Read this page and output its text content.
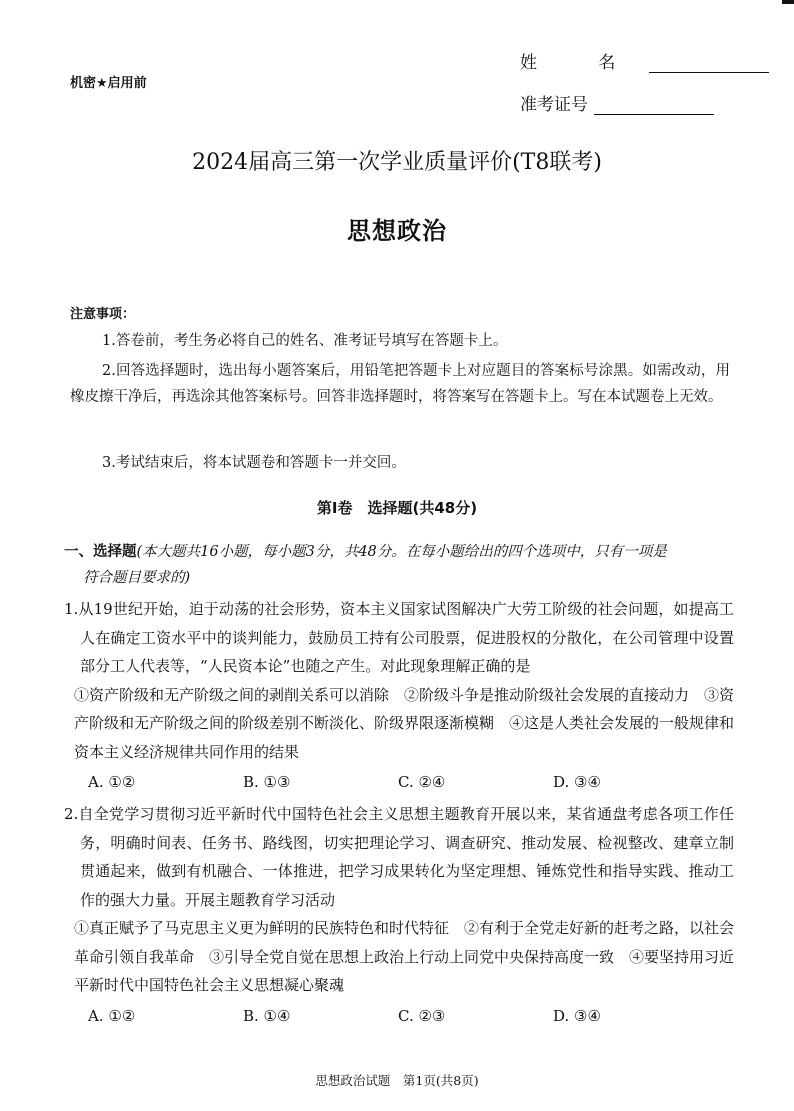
机密★启用前
姓 名
准考证号
2024届高三第一次学业质量评价(T8联考)
思想政治
注意事项：
1.答卷前，考生务必将自己的姓名、准考证号填写在答题卡上。
2.回答选择题时，选出每小题答案后，用铅笔把答题卡上对应题目的答案标号涂黑。如需改动，用橡皮擦干净后，再选涂其他答案标号。回答非选择题时，将答案写在答题卡上。写在本试题卷上无效。
3.考试结束后，将本试题卷和答题卡一并交回。
第Ⅰ卷　选择题(共48分)
一、选择题(本大题共16小题，每小题3分，共48分。在每小题给出的四个选项中，只有一项是
符合题目要求的)
1.从19世纪开始，迫于动荡的社会形势，资本主义国家试图解决广大劳工阶级的社会问题，如提高工人在确定工资水平中的谈判能力，鼓励员工持有公司股票，促进股权的分散化，在公司管理中设置部分工人代表等，“人民资本论”也随之产生。对此现象理解正确的是
①资产阶级和无产阶级之间的剥削关系可以消除　②阶级斗争是推动阶级社会发展的直接动力　③资产阶级和无产阶级之间的阶级差别不断淡化、阶级界限逐渐模糊　④这是人类社会发展的一般规律和资本主义经济规律共同作用的结果
A. ①②	B. ①③	C. ②④	D. ③④
2.自全党学习贯彻习近平新时代中国特色社会主义思想主题教育开展以来，某省通盘考虑各项工作任务，明确时间表、任务书、路线图，切实把理论学习、调查研究、推动发展、检视整改、建章立制贯通起来，做到有机融合、一体推进，把学习成果转化为坚定理想、锤炼党性和指导实践、推动工作的强大力量。开展主题教育学习活动
①真正赋予了马克思主义更为鲜明的民族特色和时代特征　②有利于全党走好新的赶考之路，以社会革命引领自我革命　③引导全党自觉在思想上政治上行动上同党中央保持高度一致　④要坚持用习近平新时代中国特色社会主义思想凝心聚魂
A. ①②	B. ①④	C. ②③	D. ③④
思想政治试题　第1页(共8页)
